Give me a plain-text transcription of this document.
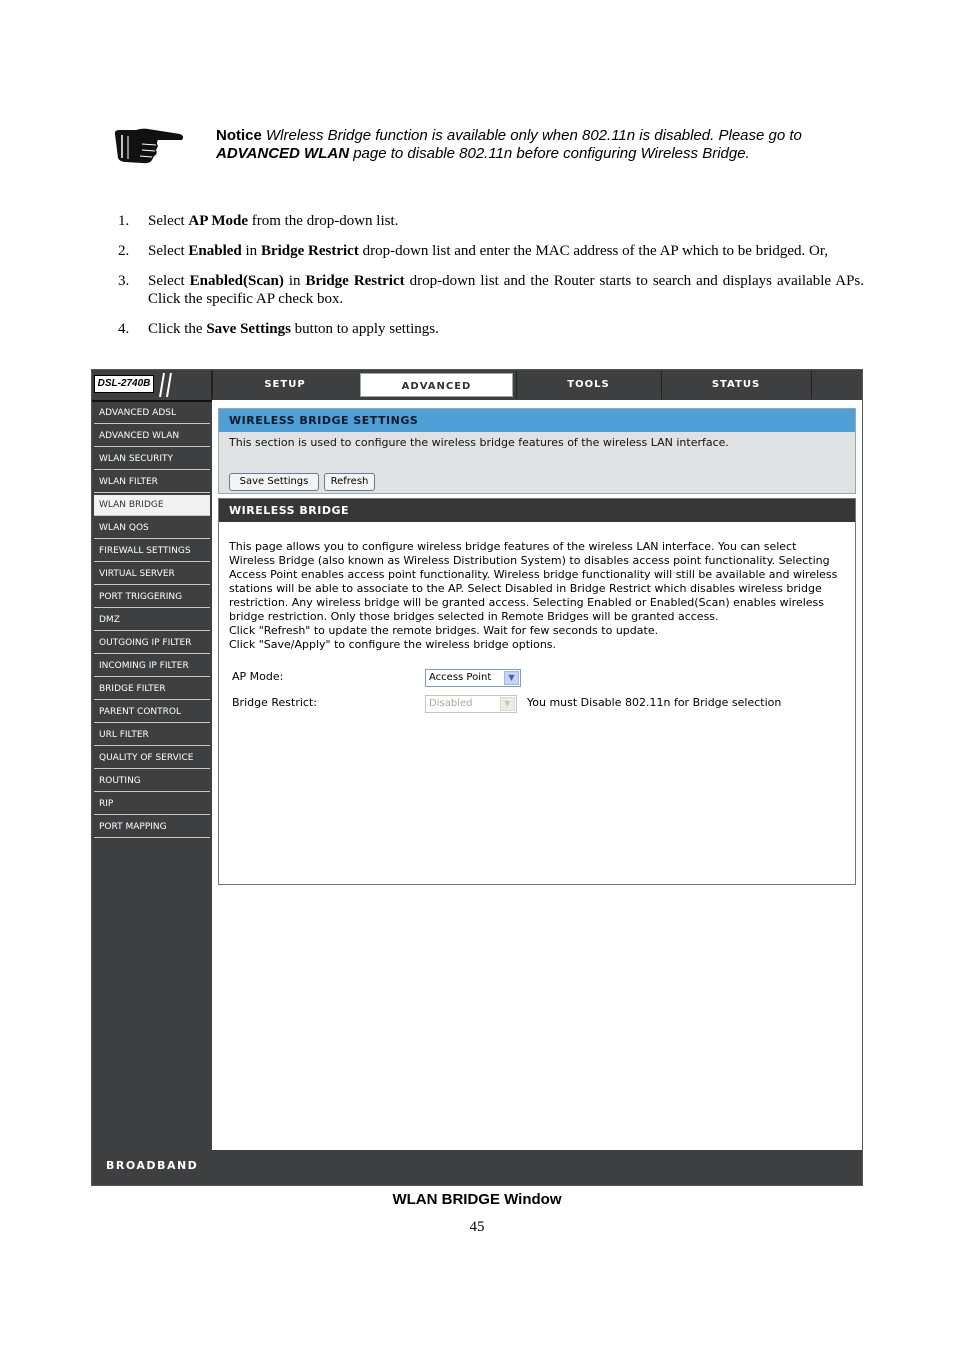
Notice Wlreless Bridge function is available only when 802.11n is disabled. Please go to ADVANCED WLAN page to disable 802.11n before configuring Wireless Bridge.
1. Select AP Mode from the drop-down list.
2. Select Enabled in Bridge Restrict drop-down list and enter the MAC address of the AP which to be bridged. Or,
3. Select Enabled(Scan) in Bridge Restrict drop-down list and the Router starts to search and displays available APs. Click the specific AP check box.
4. Click the Save Settings button to apply settings.
DSL-2740B	SETUP	ADVANCED	TOOLS	STATUS
ADVANCED ADSL
ADVANCED WLAN
WLAN SECURITY
WLAN FILTER
WLAN BRIDGE
WLAN QOS
FIREWALL SETTINGS
VIRTUAL SERVER
PORT TRIGGERING
DMZ
OUTGOING IP FILTER
INCOMING IP FILTER
BRIDGE FILTER
PARENT CONTROL
URL FILTER
QUALITY OF SERVICE
ROUTING
RIP
PORT MAPPING
WIRELESS BRIDGE SETTINGS
This section is used to configure the wireless bridge features of the wireless LAN interface.
Save Settings	Refresh
WIRELESS BRIDGE

This page allows you to configure wireless bridge features of the wireless LAN interface. You can select Wireless Bridge (also known as Wireless Distribution System) to disables access point functionality. Selecting Access Point enables access point functionality. Wireless bridge functionality will still be available and wireless stations will be able to associate to the AP. Select Disabled in Bridge Restrict which disables wireless bridge restriction. Any wireless bridge will be granted access. Selecting Enabled or Enabled(Scan) enables wireless bridge restriction. Only those bridges selected in Remote Bridges will be granted access.

Click "Refresh" to update the remote bridges. Wait for few seconds to update.

Click "Save/Apply" to configure the wireless bridge options.

AP Mode:	Access Point	▼
Bridge Restrict:	Disabled	▼	You must Disable 802.11n for Bridge selection
BROADBAND
WLAN BRIDGE Window
45
